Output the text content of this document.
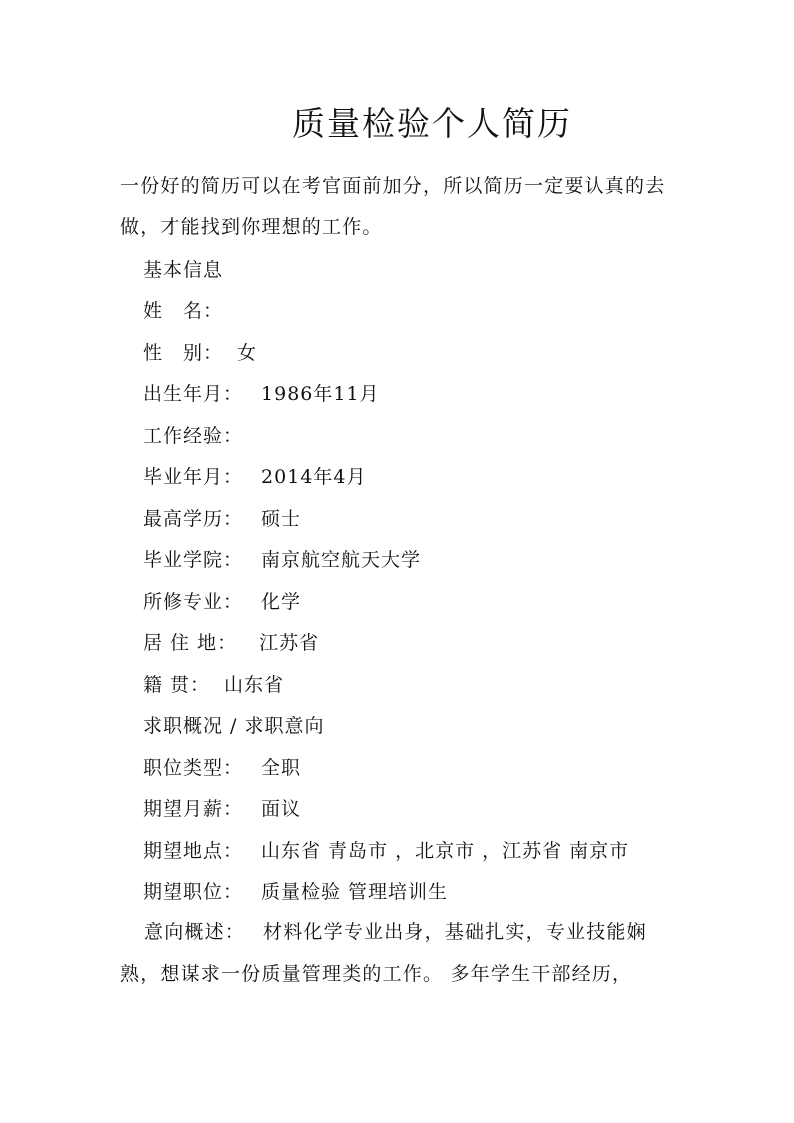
质量检验个人简历

一份好的简历可以在考官面前加分，所以简历一定要认真的去做，才能找到你理想的工作。

基本信息
姓　名：
性　别： 女
出生年月： 1986年11月
工作经验：
毕业年月： 2014年4月
最高学历： 硕士
毕业学院： 南京航空航天大学
所修专业： 化学
居 住 地： 江苏省
籍 贯： 山东省
求职概况 / 求职意向
职位类型： 全职
期望月薪： 面议
期望地点： 山东省 青岛市 ，北京市 ，江苏省 南京市
期望职位： 质量检验 管理培训生

意向概述： 材料化学专业出身，基础扎实，专业技能娴熟，想谋求一份质量管理类的工作。 多年学生干部经历，
